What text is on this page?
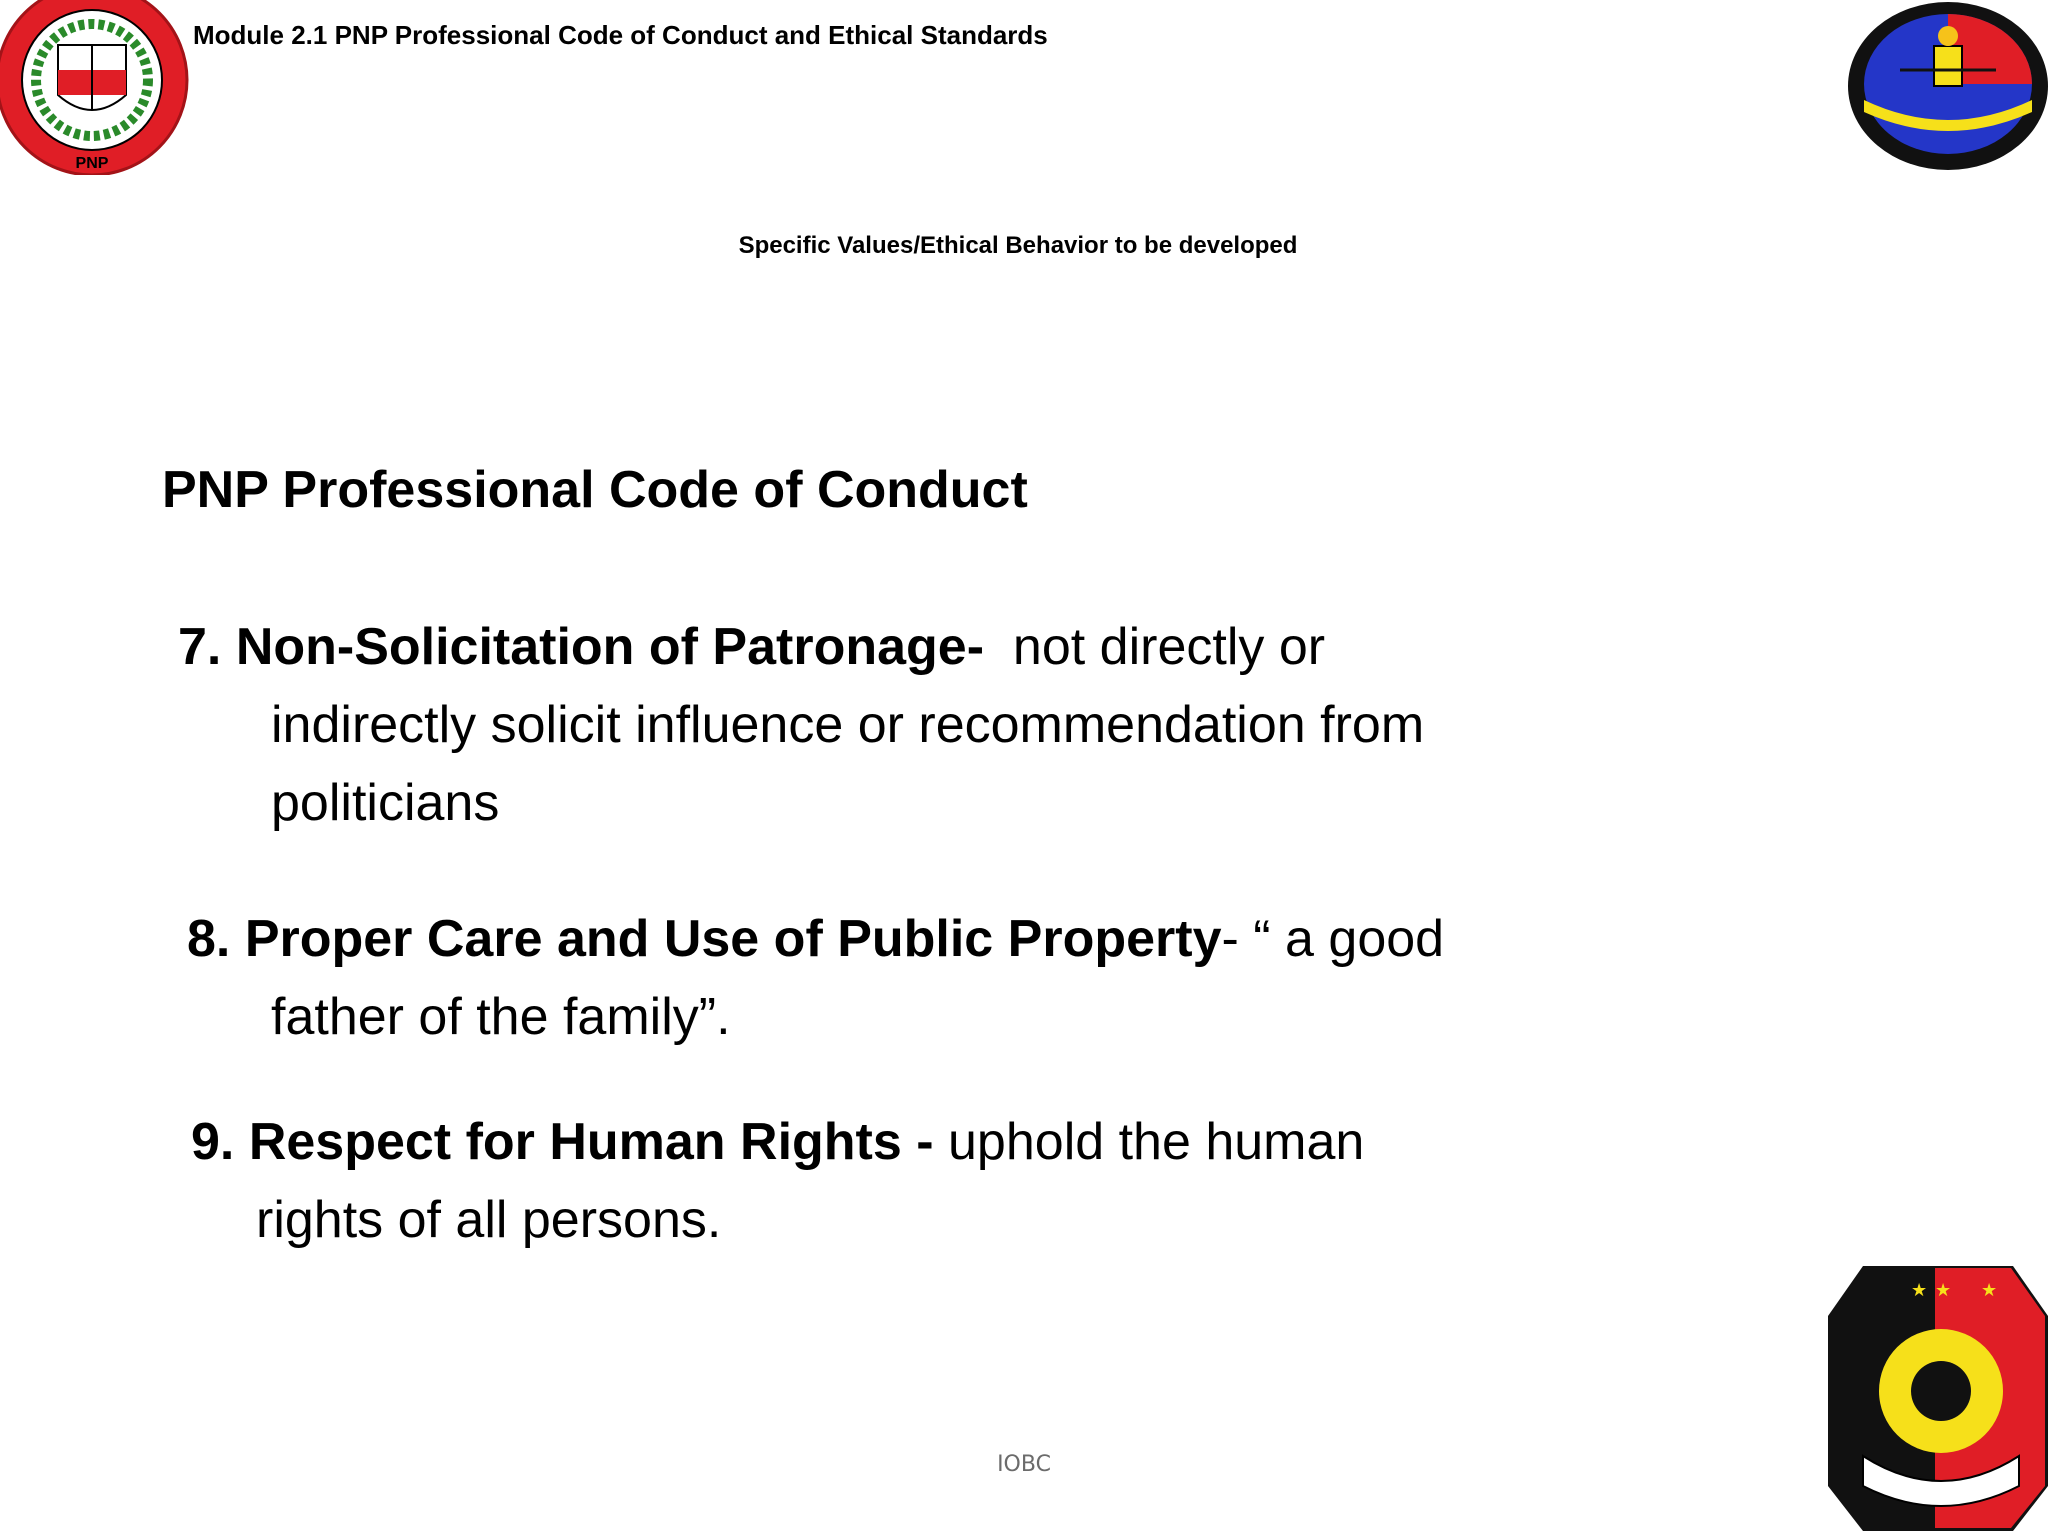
PNP
★ ★ ★
Module 2.1 PNP Professional Code of Conduct and Ethical Standards
Specific Values/Ethical Behavior to be developed
PNP Professional Code of Conduct
7. Non-Solicitation of Patronage-  not directly or
indirectly solicit influence or recommendation from
politicians
8. Proper Care and Use of Public Property- “ a good
father of the family”.
9. Respect for Human Rights - uphold the human
rights of all persons.
IOBC
